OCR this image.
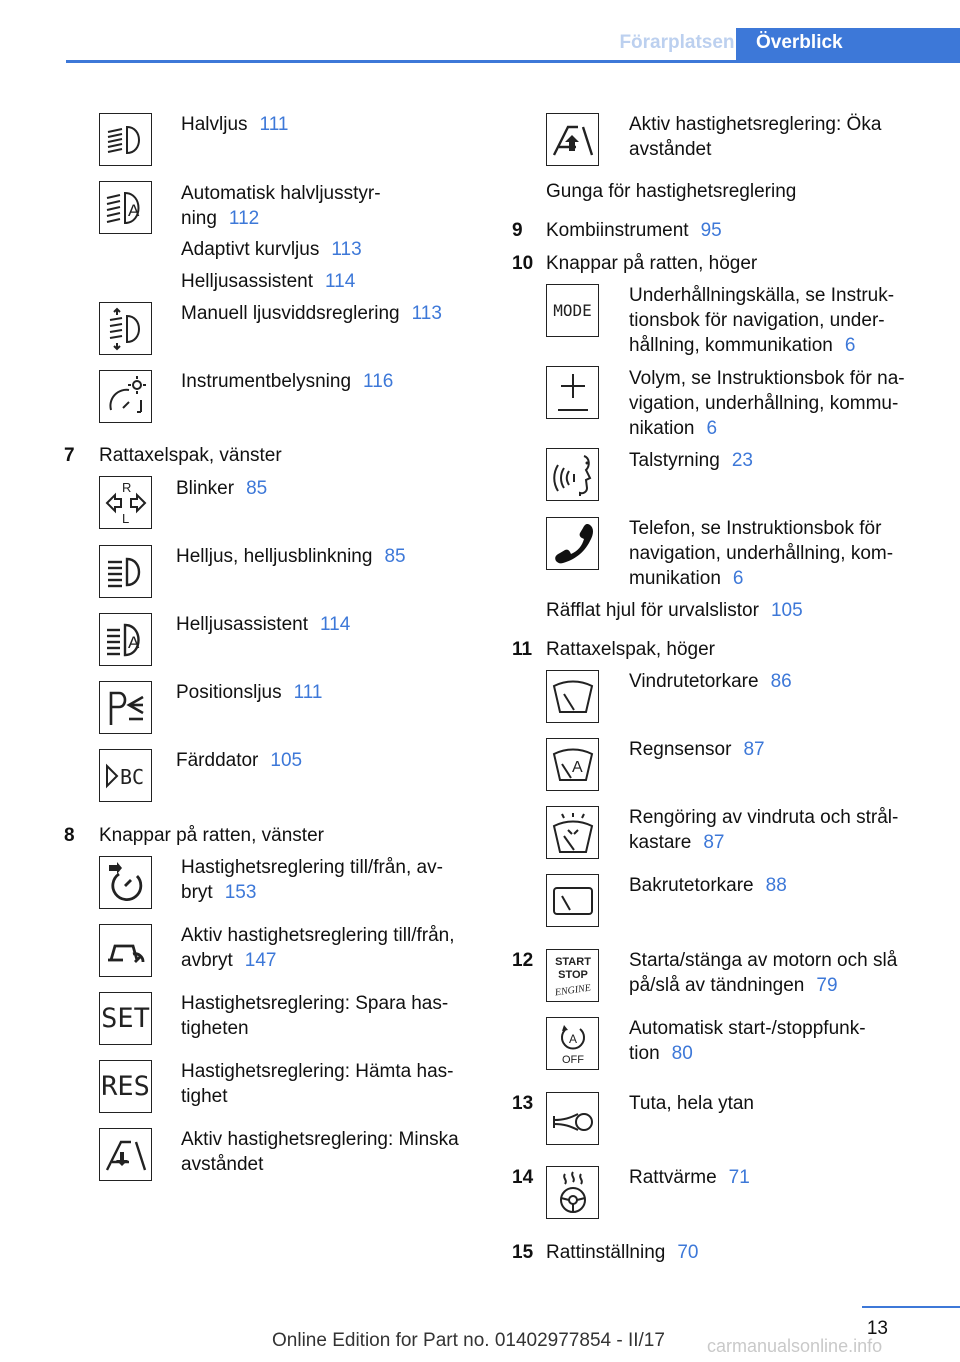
Förarplatsen	Överblick
Halvljus 111
A
Automatisk halvljusstyr-
ning 112
Adaptivt kurvljus 113
Helljusassistent 114
Manuell ljusviddsreglering 113
Instrumentbelysning 116
7 Rattaxelspak, vänster
R
L
Blinker 85
Helljus, helljusblinkning 85
A
Helljusassistent 114
Positionsljus 111
BC
Färddator 105
8 Knappar på ratten, vänster
Hastighetsreglering till/från, av-
bryt 153
Aktiv hastighetsreglering till/från,
avbryt 147
SET Hastighetsreglering: Spara has-
tigheten
RES Hastighetsreglering: Hämta has-
tighet
Aktiv hastighetsreglering: Minska
avståndet
Aktiv hastighetsreglering: Öka
avståndet
Gunga för hastighetsreglering
9 Kombiinstrument 95
10 Knappar på ratten, höger
MODE
Underhållningskälla, se Instruk-
tionsbok för navigation, under-
hållning, kommunikation 6
Volym, se Instruktionsbok för na-
vigation, underhållning, kommu-
nikation 6
Talstyrning 23
Telefon, se Instruktionsbok för
navigation, underhållning, kom-
munikation 6
Räfflat hjul för urvalslistor 105
11 Rattaxelspak, höger
Vindrutetorkare 86
A
Regnsensor 87
Rengöring av vindruta och strål-
kastare 87
Bakrutetorkare 88
12 START
STOP
ENGINE
Starta/stänga av motorn och slå
på/slå av tändningen 79
A
OFF
Automatisk start-/stoppfunk-
tion 80
13	Tuta, hela ytan
14	Rattvärme 71
15 Rattinställning 70
13
Online Edition for Part no. 01402977854 - II/17 carmanualsonline.info
